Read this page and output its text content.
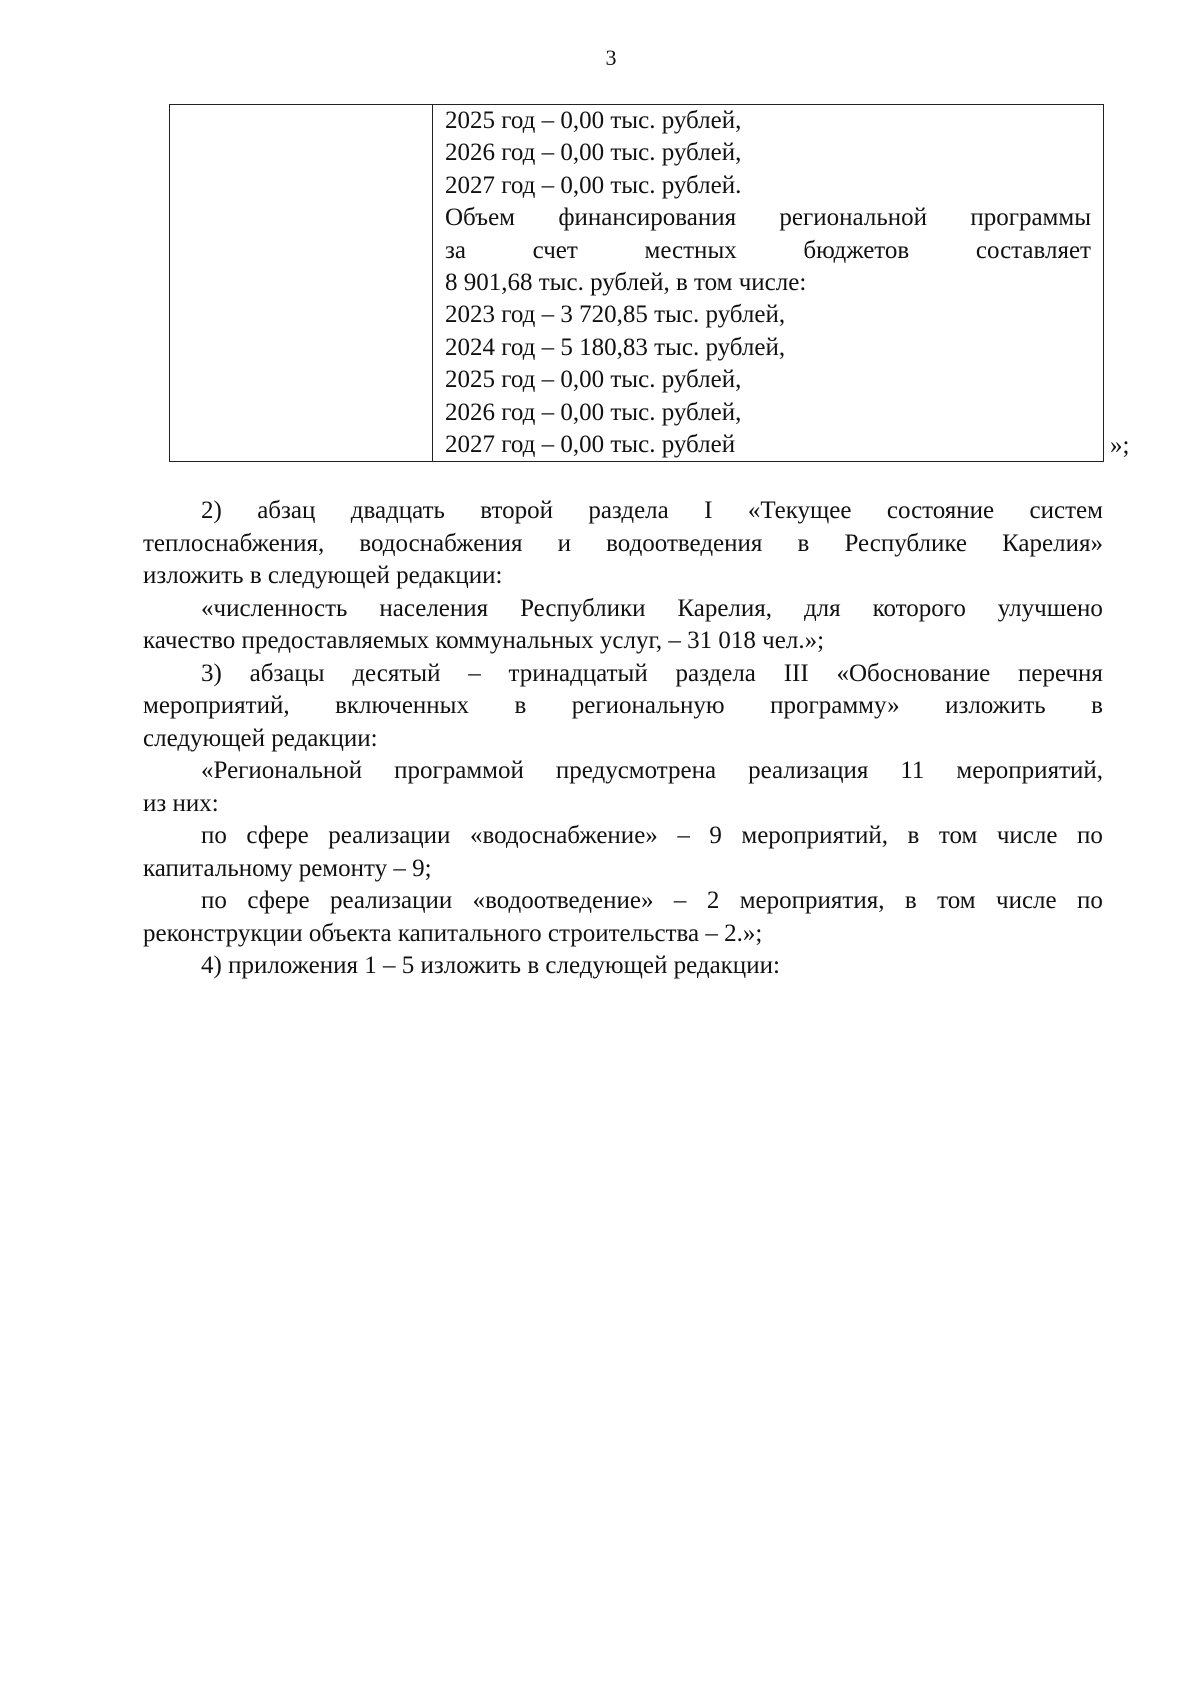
3

2025 год – 0,00 тыс. рублей,
2026 год – 0,00 тыс. рублей,
2027 год – 0,00 тыс. рублей.
Объем финансирования региональной программы
за	счет	местных	бюджетов	составляет
8 901,68 тыс. рублей, в том числе:
2023 год – 3 720,85 тыс. рублей,
2024 год – 5 180,83 тыс. рублей,
2025 год – 0,00 тыс. рублей,
2026 год – 0,00 тыс. рублей,
2027 год – 0,00 тыс. рублей	»;
2) абзац двадцать второй раздела I «Текущее состояние систем
теплоснабжения, водоснабжения и водоотведения в Республике Карелия»
изложить в следующей редакции:
«численность населения Республики Карелия, для которого улучшено
качество предоставляемых коммунальных услуг, – 31 018 чел.»;
3) абзацы десятый – тринадцатый раздела III «Обоснование перечня
мероприятий, включенных в региональную программу» изложить в
следующей редакции:
«Региональной программой предусмотрена реализация 11 мероприятий,
из них:
по сфере реализации «водоснабжение» – 9 мероприятий, в том числе по
капитальному ремонту – 9;
по сфере реализации «водоотведение» – 2 мероприятия, в том числе по
реконструкции объекта капитального строительства – 2.»;
4) приложения 1 – 5 изложить в следующей редакции:
